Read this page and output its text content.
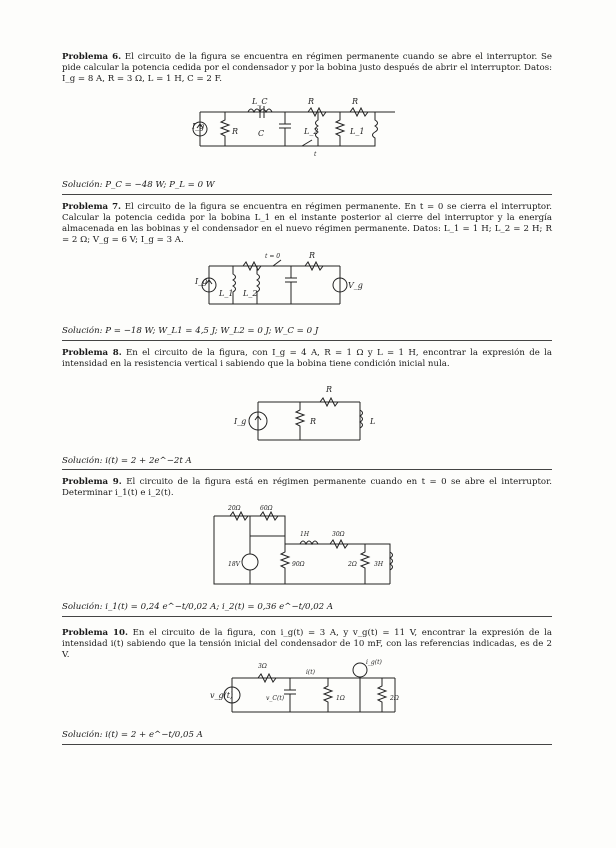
Problema 6. El circuito de la figura se encuentra en régimen permanente cuando se abre el interruptor. Se pide calcular la potencia cedida por el condensador y por la bobina justo después de abrir el interruptor. Datos: I_g = 8 A, R = 3 Ω, L = 1 H, C = 2 F.
I_g
R C
L_C
L_2	L_1
R	R
t
Solución: P_C = −48 W; P_L = 0 W
Problema 7. El circuito de la figura se encuentra en régimen permanente. En t = 0 se cierra el interruptor. Calcular la potencia cedida por la bobina L_1 en el instante posterior al cierre del interruptor y la energía almacenada en las bobinas y el condensador en el nuevo régimen permanente. Datos: L_1 = 1 H; L_2 = 2 H; R = 2 Ω; V_g = 6 V; I_g = 3 A.
I_g
L_1 L_2
t = 0	R
V_g
Solución: P = −18 W; W_L1 = 4,5 J; W_L2 = 0 J; W_C = 0 J
Problema 8. En el circuito de la figura, con I_g = 4 A, R = 1 Ω y L = 1 H, encontrar la expresión de la intensidad en la resistencia vertical i sabiendo que la bobina tiene condición inicial nula.
I_g	R
R
L
Solución: i(t) = 2 + 2e^−2t A
Problema 9. El circuito de la figura está en régimen permanente cuando en t = 0 se abre el interruptor. Determinar i_1(t) e i_2(t).
20Ω	60Ω
1H	30Ω
18V	90Ω	2Ω	3H
Solución: i_1(t) = 0,24 e^−t/0,02 A; i_2(t) = 0,36 e^−t/0,02 A
Problema 10. En el circuito de la figura, con i_g(t) = 3 A, y v_g(t) = 11 V, encontrar la expresión de la intensidad i(t) sabiendo que la tensión inicial del condensador de 10 mF, con las referencias indicadas, es de 2 V.
v_g(t)
3Ω
v_C(t)	1Ω
i_g(t)
2Ω
i(t)
Solución: i(t) = 2 + e^−t/0,05 A
